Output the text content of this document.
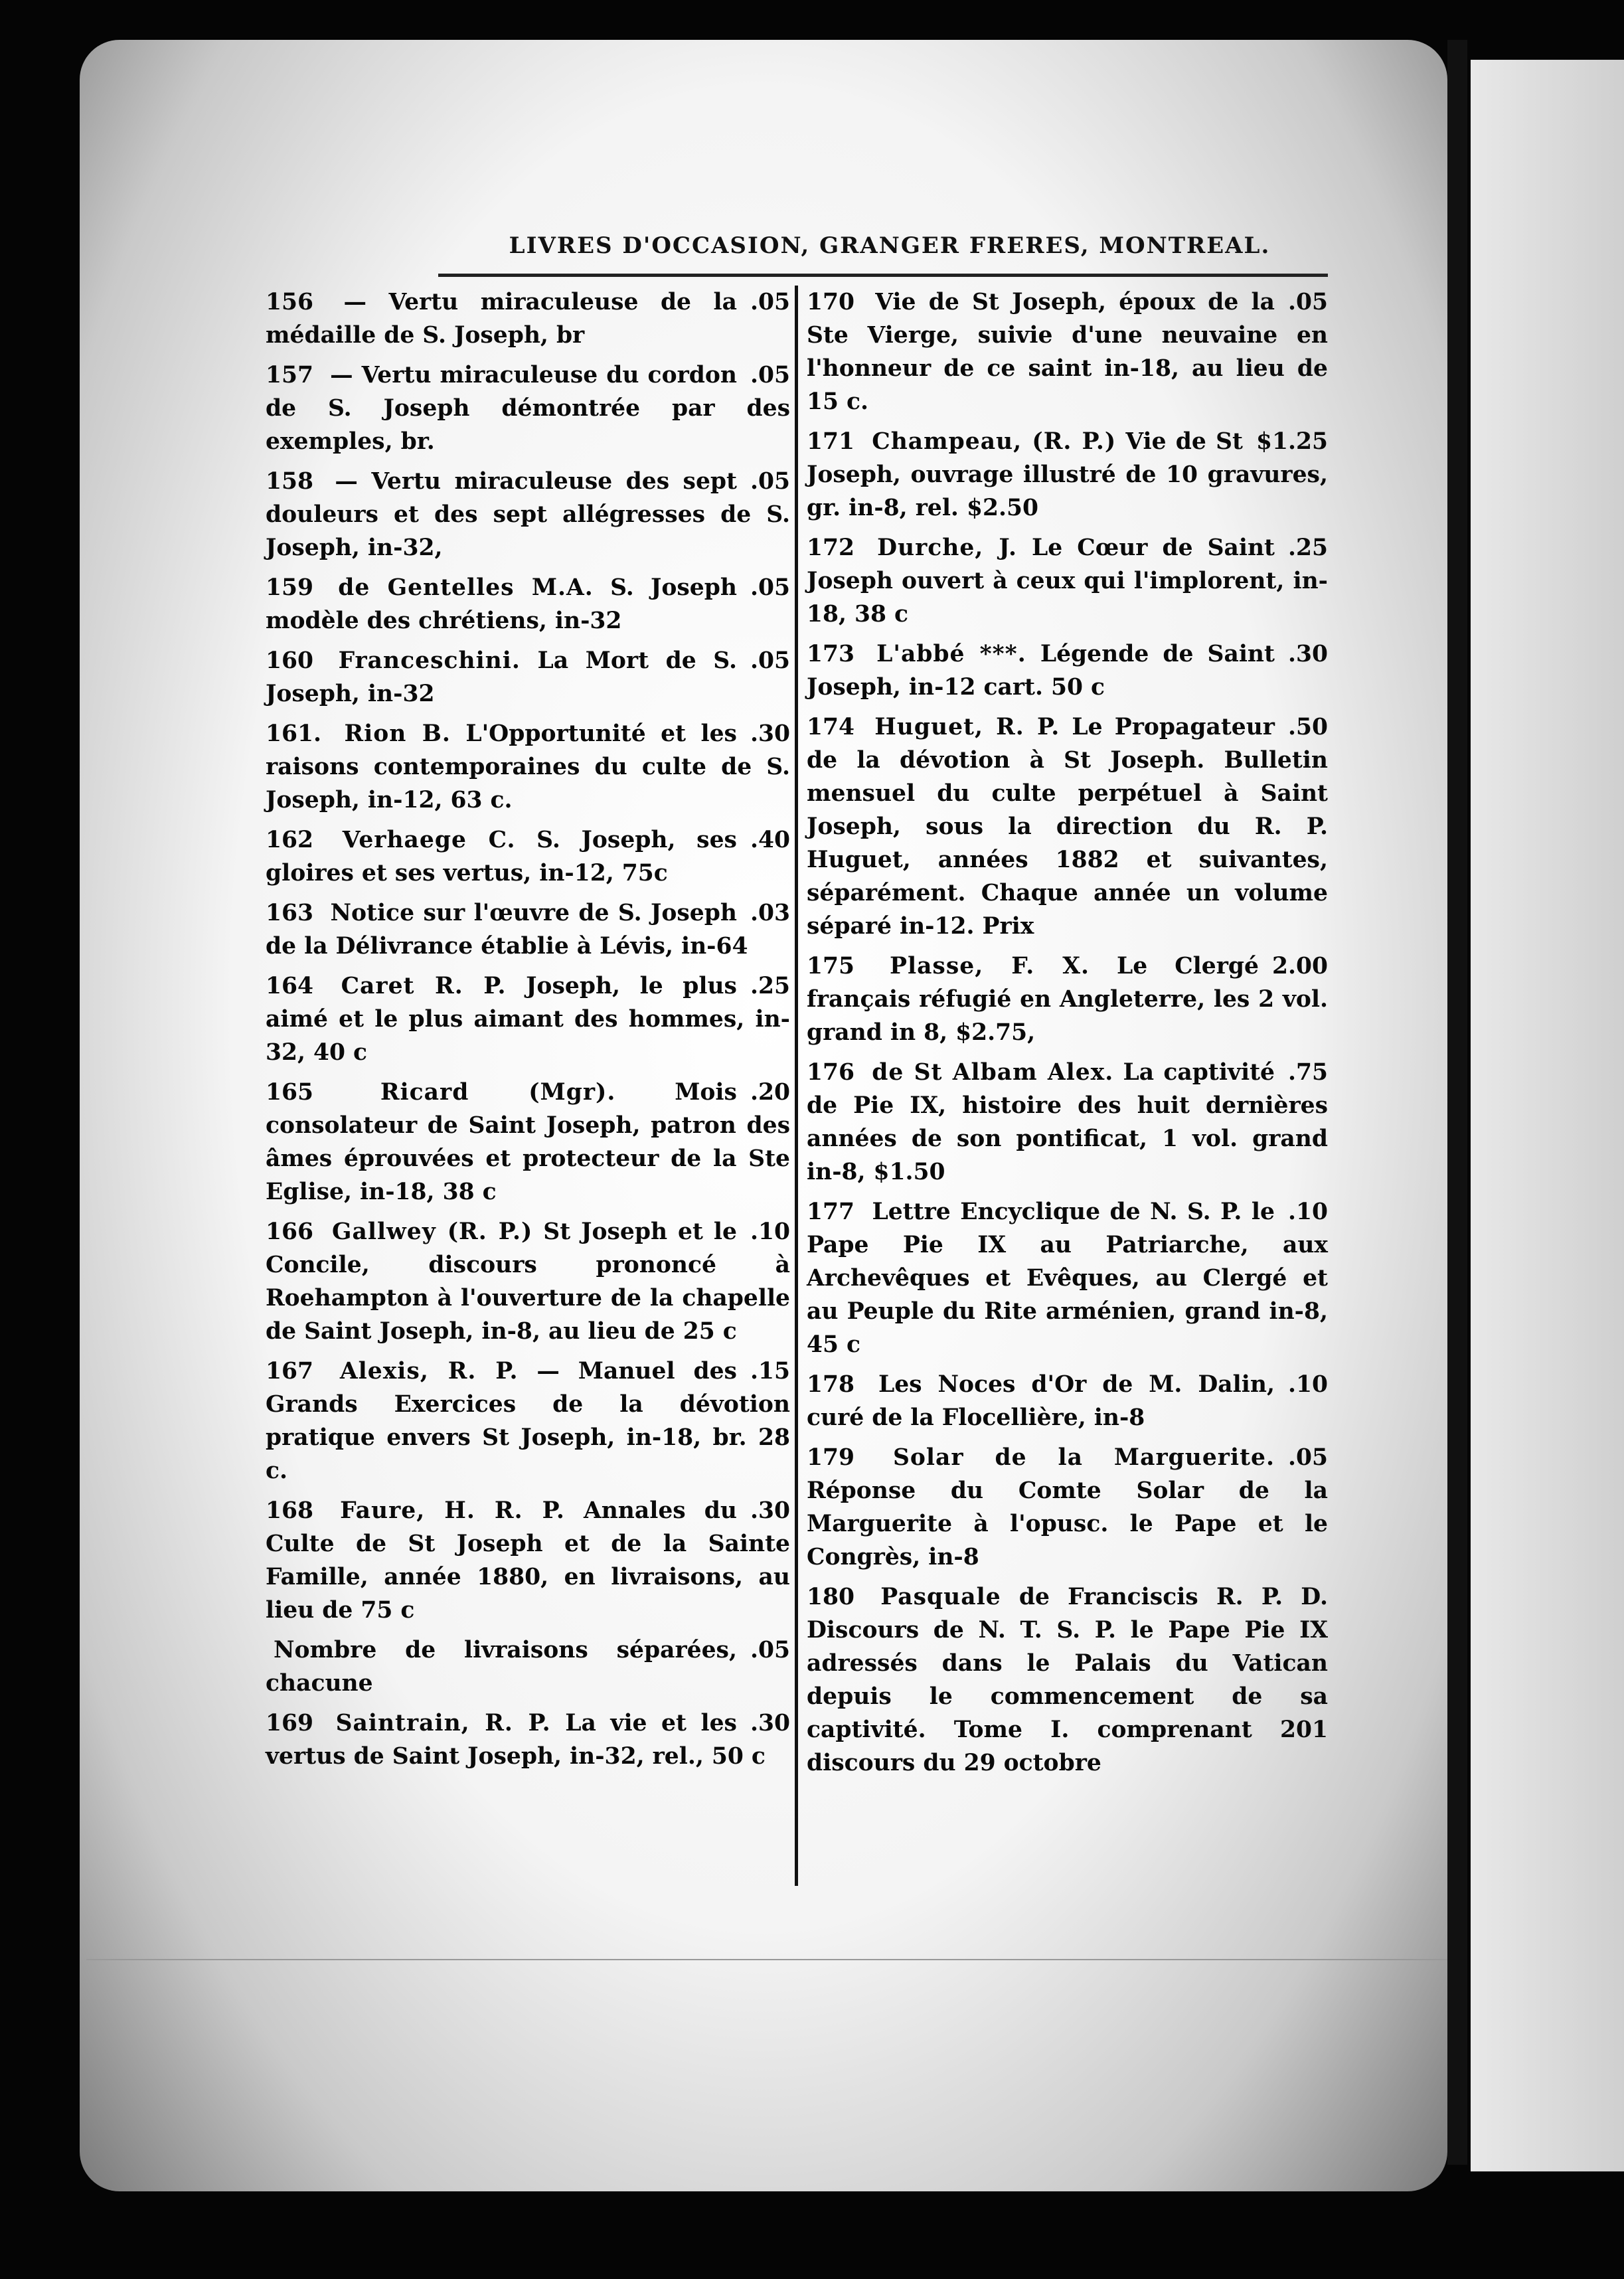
LIVRES D'OCCASION, GRANGER FRERES, MONTREAL.
.05
156 — Vertu miraculeuse de la médaille de S. Joseph, br
.05
157 — Vertu miraculeuse du cordon de S. Joseph démontrée par des exemples, br.
.05
158 — Vertu miraculeuse des sept douleurs et des sept allégresses de S. Joseph, in-32,
.05
159 de Gentelles M.A. S. Joseph modèle des chrétiens, in-32
.05
160 Franceschini. La Mort de S. Joseph, in-32
.30
161. Rion B. L'Opportunité et les raisons contemporaines du culte de S. Joseph, in-12, 63 c.
.40
162 Verhaege C. S. Joseph, ses gloires et ses vertus, in-12, 75c
.03
163 Notice sur l'œuvre de S. Joseph de la Délivrance établie à Lévis, in-64
.25
164 Caret R. P. Joseph, le plus aimé et le plus aimant des hommes, in-32, 40 c
.20
165	Ricard (Mgr).	Mois consolateur de Saint Joseph, patron des âmes éprouvées et protecteur de la Ste Eglise, in-18, 38 c
.10
166 Gallwey (R. P.) St Joseph et le Concile, discours prononcé à Roehampton à l'ouverture de la chapelle de Saint Joseph, in-8, au lieu de 25 c
.15
167 Alexis, R. P. — Manuel des Grands Exercices de la dévotion pratique envers St Joseph, in-18, br. 28 c.
.30
168 Faure, H. R. P. Annales du Culte de St Joseph et de la Sainte Famille, année 1880, en livraisons, au lieu de 75 c
.05
Nombre de livraisons séparées, chacune
.30
169 Saintrain, R. P. La vie et les vertus de Saint Joseph, in-32, rel., 50 c
.05
170 Vie de St Joseph, époux de la Ste Vierge, suivie d'une neuvaine en l'honneur de ce saint in-18, au lieu de 15 c.
$1.25
171 Champeau, (R. P.) Vie de St Joseph, ouvrage illustré de 10 gravures, gr. in-8, rel. $2.50
.25
172 Durche, J. Le Cœur de Saint Joseph ouvert à ceux qui l'implorent, in-18, 38 c
.30
173 L'abbé ***. Légende de Saint Joseph, in-12 cart. 50 c
.50
174 Huguet, R. P. Le Propagateur de la dévotion à St Joseph. Bulletin mensuel du culte perpétuel à Saint Joseph, sous la direction du R. P. Huguet, années 1882 et suivantes, séparément. Chaque année un volume séparé in-12. Prix
2.00
175 Plasse, F. X. Le Clergé français réfugié en Angleterre, les 2 vol. grand in 8, $2.75,
.75
176 de St Albam Alex. La captivité de Pie IX, histoire des huit dernières années de son pontificat, 1 vol. grand in-8, $1.50
.10
177 Lettre Encyclique de N. S. P. le Pape Pie IX au Patriarche, aux Archevêques et Evêques, au Clergé et au Peuple du Rite arménien, grand in-8, 45 c
.10
178 Les Noces d'Or de M. Dalin, curé de la Flocellière, in-8
.05
179 Solar de la Marguerite. Réponse du Comte Solar de la Marguerite à l'opusc. le Pape et le Congrès, in-8
180 Pasquale de Franciscis R. P. D. Discours de N. T. S. P. le Pape Pie IX adressés dans le Palais du Vatican depuis le commencement de sa captivité. Tome I. comprenant 201 discours du 29 octobre
